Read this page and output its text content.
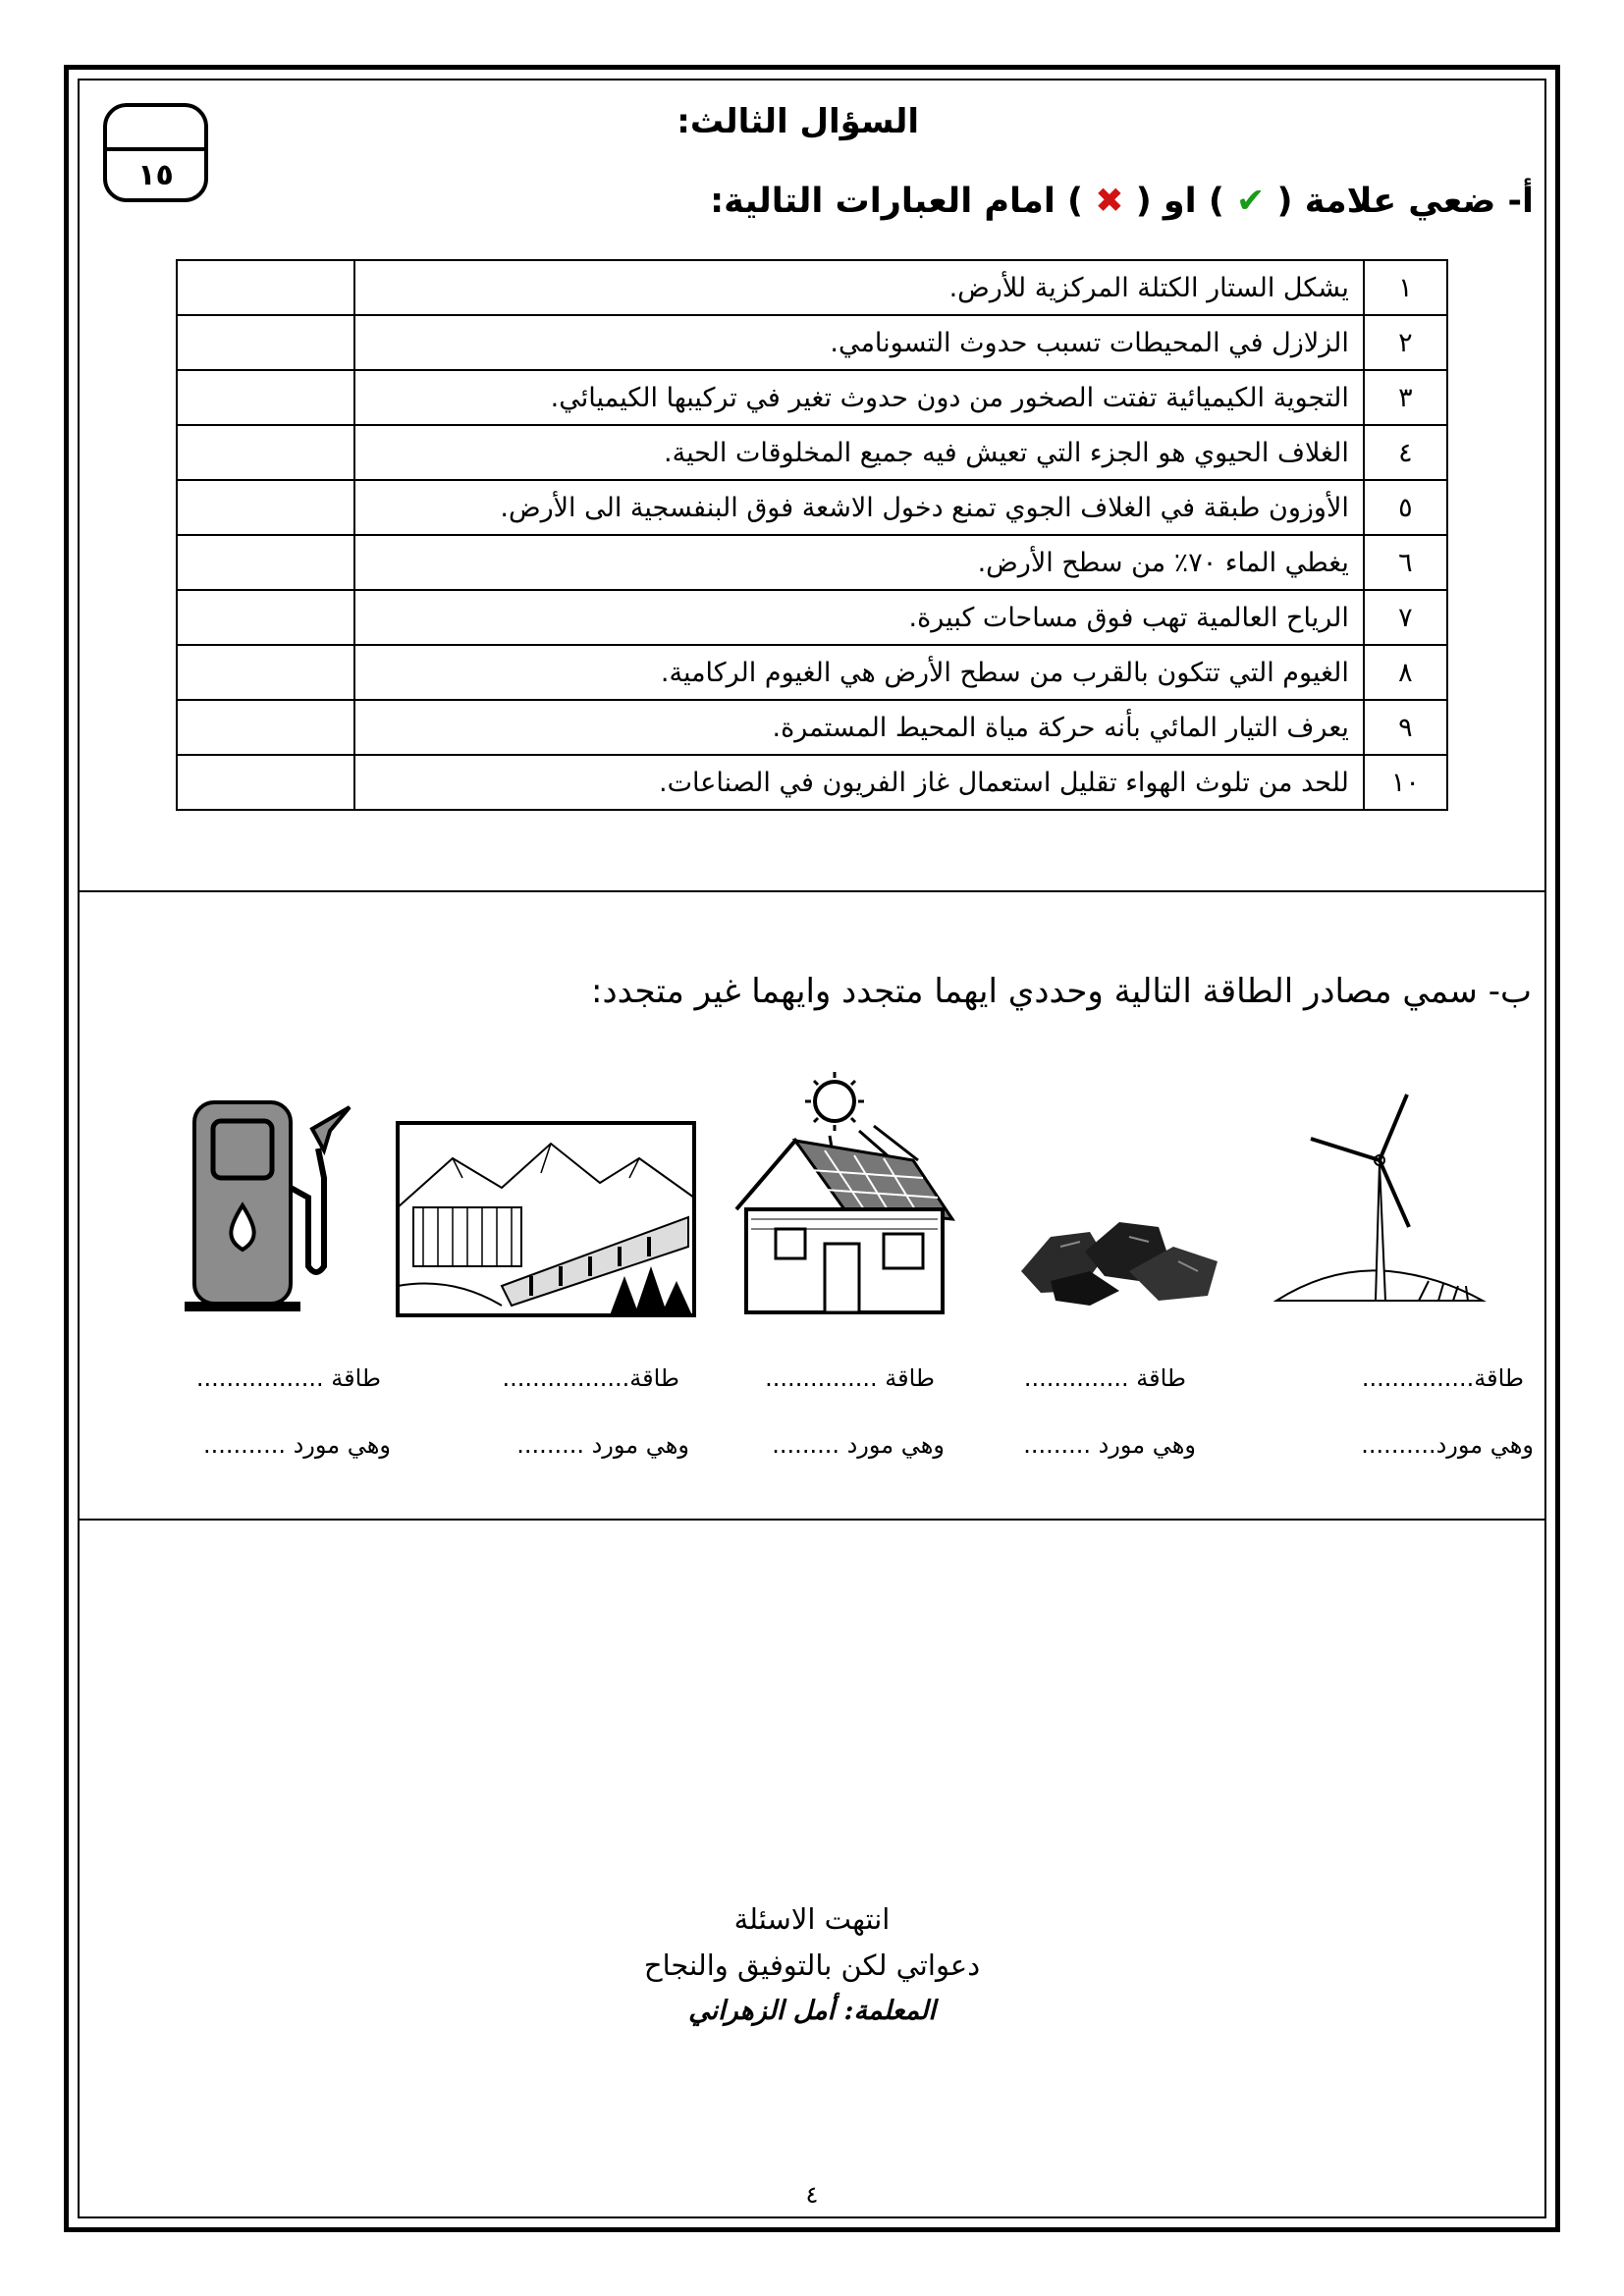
١٥
السؤال الثالث:
أ- ضعي علامة ( ✔ ) او ( ✖ ) امام العبارات التالية:
١	يشكل الستار الكتلة المركزية للأرض.	
٢	الزلازل في المحيطات تسبب حدوث التسونامي.	
٣	التجوية الكيميائية تفتت الصخور من دون حدوث تغير في تركيبها الكيميائي.	
٤	الغلاف الحيوي هو الجزء التي تعيش فيه جميع المخلوقات الحية.	
٥	الأوزون طبقة في الغلاف الجوي تمنع دخول الاشعة فوق البنفسجية الى الأرض.	
٦	يغطي الماء ٧٠٪ من سطح الأرض.	
٧	الرياح العالمية تهب فوق مساحات كبيرة.	
٨	الغيوم التي تتكون بالقرب من سطح الأرض هي الغيوم الركامية.	
٩	يعرف التيار المائي بأنه حركة مياة المحيط المستمرة.	
١٠	للحد من تلوث الهواء تقليل استعمال غاز الفريون في الصناعات.	
ب- سمي مصادر الطاقة التالية وحددي ايهما متجدد وايهما غير متجدد:
طاقة...............
وهي مورد..........
طاقة ..............
وهي مورد .........
طاقة ...............
وهي مورد .........
طاقة.................
وهي مورد .........
طاقة .................
وهي مورد ...........
انتهت الاسئلة
دعواتي لكن بالتوفيق والنجاح
المعلمة: أمل الزهراني
٤
